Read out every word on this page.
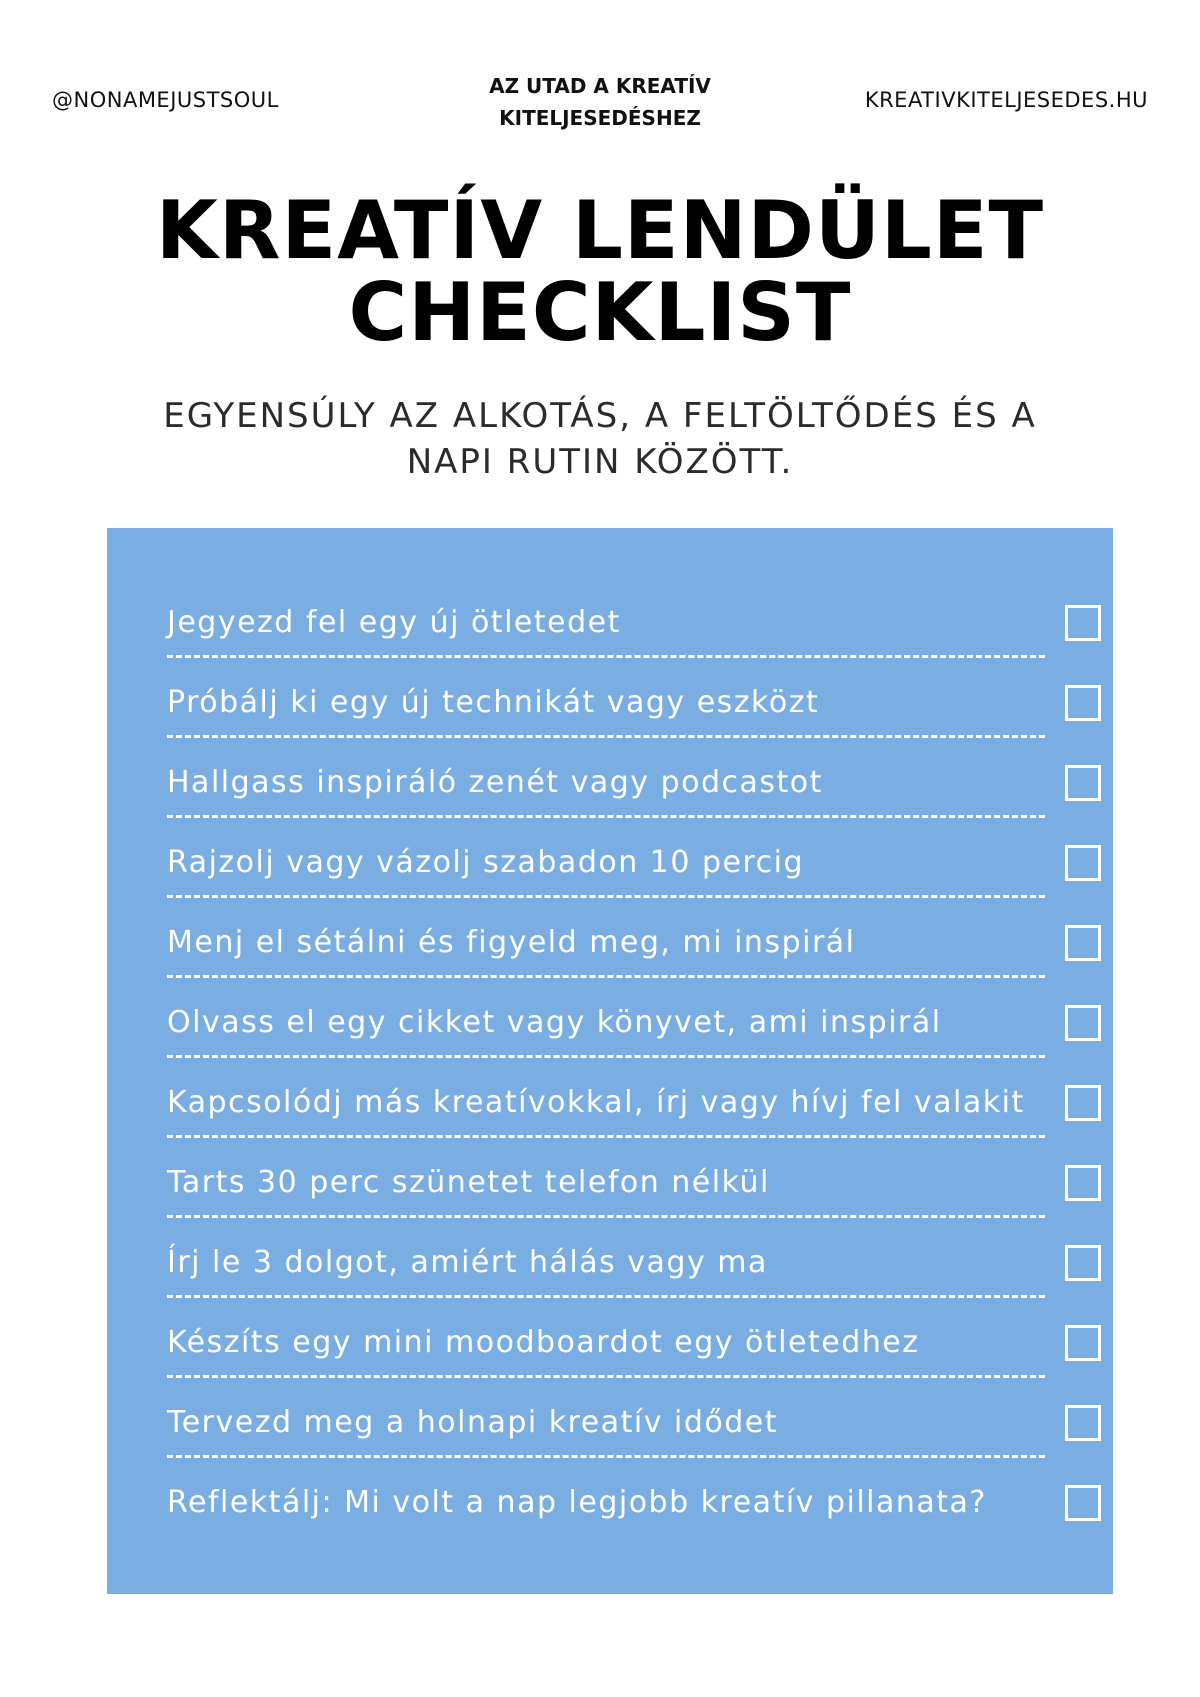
@NONAMEJUSTSOUL
AZ UTAD A KREATÍV KITELJESEDÉSHEZ
KREATIVKITELJESEDES.HU
KREATÍV LENDÜLET
CHECKLIST
EGYENSÚLY AZ ALKOTÁS, A FELTÖLTŐDÉS ÉS A
NAPI RUTIN KÖZÖTT.
Jegyezd fel egy új ötletedet
Próbálj ki egy új technikát vagy eszközt
Hallgass inspiráló zenét vagy podcastot
Rajzolj vagy vázolj szabadon 10 percig
Menj el sétálni és figyeld meg, mi inspirál
Olvass el egy cikket vagy könyvet, ami inspirál
Kapcsolódj más kreatívokkal, írj vagy hívj fel valakit
Tarts 30 perc szünetet telefon nélkül
Írj le 3 dolgot, amiért hálás vagy ma
Készíts egy mini moodboardot egy ötletedhez
Tervezd meg a holnapi kreatív idődet
Reflektálj: Mi volt a nap legjobb kreatív pillanata?
